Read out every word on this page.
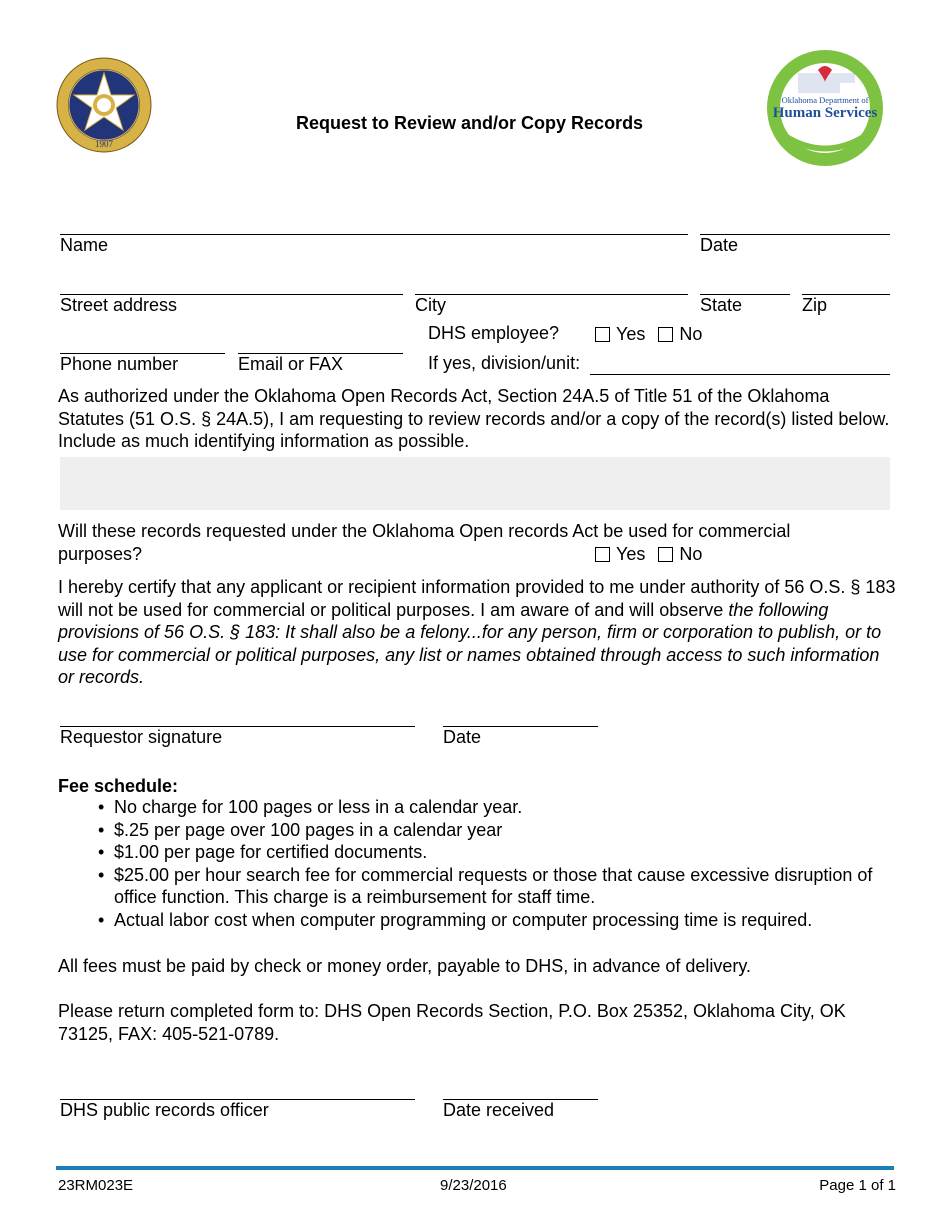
1907
Request to Review and/or Copy Records
Oklahoma Department of
Human Services
Name	Date
Street address	City	State	Zip
DHS employee?	Yes No
Phone number	Email or FAX	If yes, division/unit:
As authorized under the Oklahoma Open Records Act, Section 24A.5 of Title 51 of the Oklahoma Statutes (51 O.S. § 24A.5), I am requesting to review records and/or a copy of the record(s) listed below. Include as much identifying information as possible.
Will these records requested under the Oklahoma Open records Act be used for commercial purposes?	Yes No
I hereby certify that any applicant or recipient information provided to me under authority of 56 O.S. § 183 will not be used for commercial or political purposes. I am aware of and will observe the following provisions of 56 O.S. § 183: It shall also be a felony...for any person, firm or corporation to publish, or to use for commercial or political purposes, any list or names obtained through access to such information or records.
Requestor signature	Date
Fee schedule:
• No charge for 100 pages or less in a calendar year.
• $.25 per page over 100 pages in a calendar year
• $1.00 per page for certified documents.
• $25.00 per hour search fee for commercial requests or those that cause excessive disruption of office function. This charge is a reimbursement for staff time.
• Actual labor cost when computer programming or computer processing time is required.
All fees must be paid by check or money order, payable to DHS, in advance of delivery.
Please return completed form to: DHS Open Records Section, P.O. Box 25352, Oklahoma City, OK 73125, FAX: 405-521-0789.
DHS public records officer	Date received
23RM023E	9/23/2016	Page 1 of 1
